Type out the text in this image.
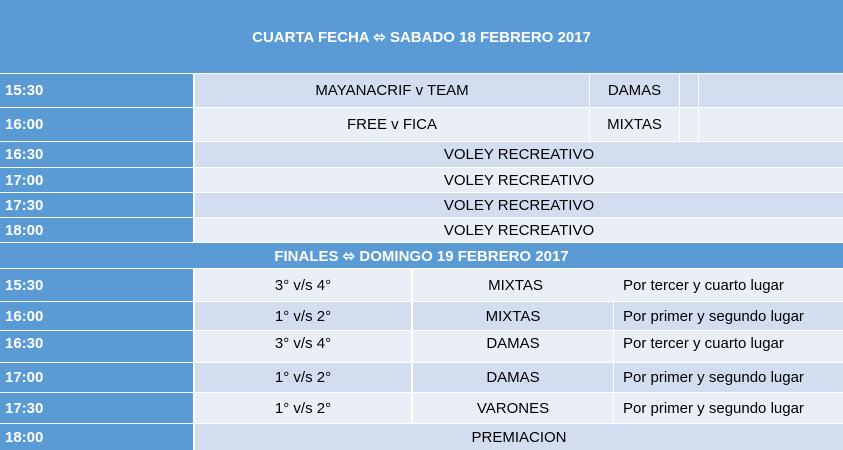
CUARTA FECHA ⬄ SABADO 18 FEBRERO 2017
15:30	MAYANACRIF v TEAM	DAMAS
16:00	FREE v FICA	MIXTAS
16:30	VOLEY RECREATIVO
17:00	VOLEY RECREATIVO
17:30	VOLEY RECREATIVO
18:00	VOLEY RECREATIVO
FINALES ⬄ DOMINGO 19 FEBRERO 2017
15:30	3° v/s 4°	MIXTAS	Por tercer y cuarto lugar
16:00	1° v/s 2°	MIXTAS	Por primer y segundo lugar
16:30	3° v/s 4°	DAMAS	Por tercer y cuarto lugar
17:00	1° v/s 2°	DAMAS	Por primer y segundo lugar
17:30	1° v/s 2°	VARONES	Por primer y segundo lugar
18:00	PREMIACION
